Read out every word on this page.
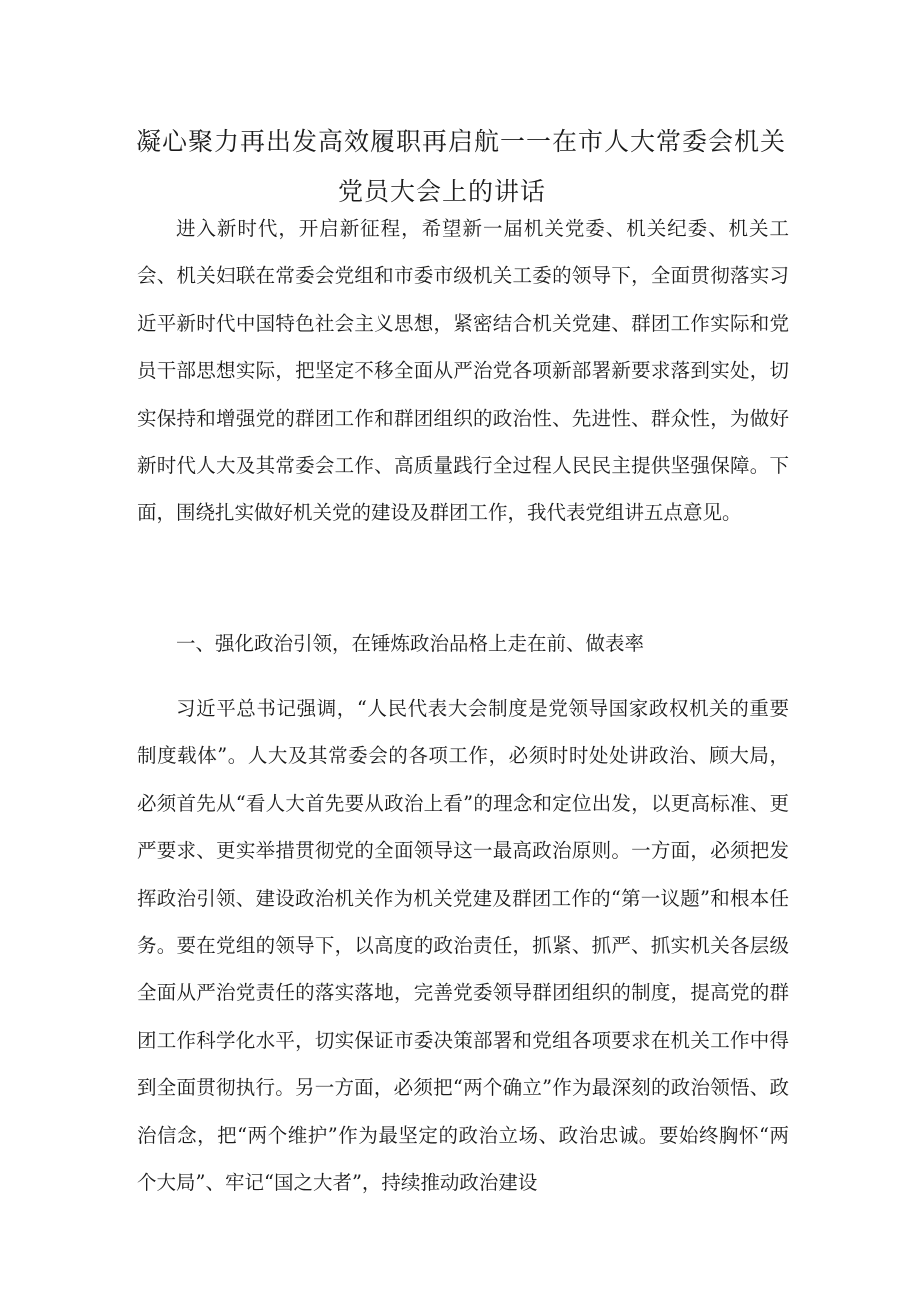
凝心聚力再出发高效履职再启航一一在市人大常委会机关
党员大会上的讲话

进入新时代，开启新征程，希望新一届机关党委、机关纪委、机关工会、机关妇联在常委会党组和市委市级机关工委的领导下，全面贯彻落实习近平新时代中国特色社会主义思想，紧密结合机关党建、群团工作实际和党员干部思想实际，把坚定不移全面从严治党各项新部署新要求落到实处，切实保持和增强党的群团工作和群团组织的政治性、先进性、群众性，为做好新时代人大及其常委会工作、高质量践行全过程人民民主提供坚强保障。下面，围绕扎实做好机关党的建设及群团工作，我代表党组讲五点意见。

一、强化政治引领，在锤炼政治品格上走在前、做表率

习近平总书记强调，“人民代表大会制度是党领导国家政权机关的重要制度载体”。人大及其常委会的各项工作，必须时时处处讲政治、顾大局，必须首先从“看人大首先要从政治上看”的理念和定位出发，以更高标准、更严要求、更实举措贯彻党的全面领导这一最高政治原则。一方面，必须把发挥政治引领、建设政治机关作为机关党建及群团工作的“第一议题”和根本任务。要在党组的领导下，以高度的政治责任，抓紧、抓严、抓实机关各层级全面从严治党责任的落实落地，完善党委领导群团组织的制度，提高党的群团工作科学化水平，切实保证市委决策部署和党组各项要求在机关工作中得到全面贯彻执行。另一方面，必须把“两个确立”作为最深刻的政治领悟、政治信念，把“两个维护”作为最坚定的政治立场、政治忠诚。要始终胸怀“两个大局”、牢记“国之大者”，持续推动政治建设
